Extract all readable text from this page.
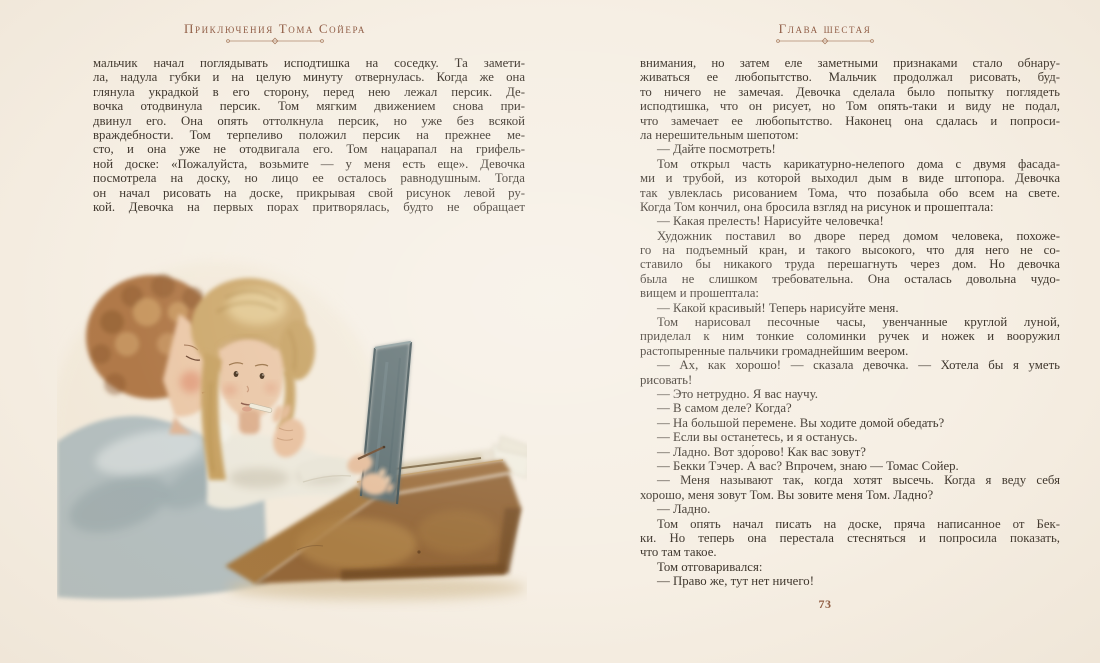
Приключения Тома Сойера
мальчик начал поглядывать исподтишка на соседку. Та замети-
ла, надула губки и на целую минуту отвернулась. Когда же она
глянула украдкой в его сторону, перед нею лежал персик. Де-
вочка отодвинула персик. Том мягким движением снова при-
двинул его. Она опять оттолкнула персик, но уже без всякой
враждебности. Том терпеливо положил персик на прежнее ме-
сто, и она уже не отодвигала его. Том нацарапал на грифель-
ной доске: «Пожалуйста, возьмите — у меня есть еще». Девочка
посмотрела на доску, но лицо ее осталось равнодушным. Тогда
он начал рисовать на доске, прикрывая свой рисунок левой ру-
кой. Девочка на первых порах притворялась, будто не обращает
Глава шестая
внимания, но затем еле заметными признаками стало обнару-
живаться ее любопытство. Мальчик продолжал рисовать, буд-
то ничего не замечая. Девочка сделала было попытку поглядеть
исподтишка, что он рисует, но Том опять-таки и виду не подал,
что замечает ее любопытство. Наконец она сдалась и попроси-
ла нерешительным шепотом:
— Дайте посмотреть!
Том открыл часть карикатурно-нелепого дома с двумя фасада-
ми и трубой, из которой выходил дым в виде штопора. Девочка
так увлеклась рисованием Тома, что позабыла обо всем на свете.
Когда Том кончил, она бросила взгляд на рисунок и прошептала:
— Какая прелесть! Нарисуйте человечка!
Художник поставил во дворе перед домом человека, похоже-
го на подъемный кран, и такого высокого, что для него не со-
ставило бы никакого труда перешагнуть через дом. Но девочка
была не слишком требовательна. Она осталась довольна чудо-
вищем и прошептала:
— Какой красивый! Теперь нарисуйте меня.
Том нарисовал песочные часы, увенчанные круглой луной,
приделал к ним тонкие соломинки ручек и ножек и вооружил
растопыренные пальчики громаднейшим веером.
— Ах, как хорошо! — сказала девочка. — Хотела бы я уметь
рисовать!
— Это нетрудно. Я вас научу.
— В самом деле? Когда?
— На большой перемене. Вы ходите домой обедать?
— Если вы останетесь, и я останусь.
— Ладно. Вот здо́рово! Как вас зовут?
— Бекки Тэчер. А вас? Впрочем, знаю — Томас Сойер.
— Меня называют так, когда хотят высечь. Когда я веду себя
хорошо, меня зовут Том. Вы зовите меня Том. Ладно?
— Ладно.
Том опять начал писать на доске, пряча написанное от Бек-
ки. Но теперь она перестала стесняться и попросила показать,
что там такое.
Том отговаривался:
— Право же, тут нет ничего!
73
